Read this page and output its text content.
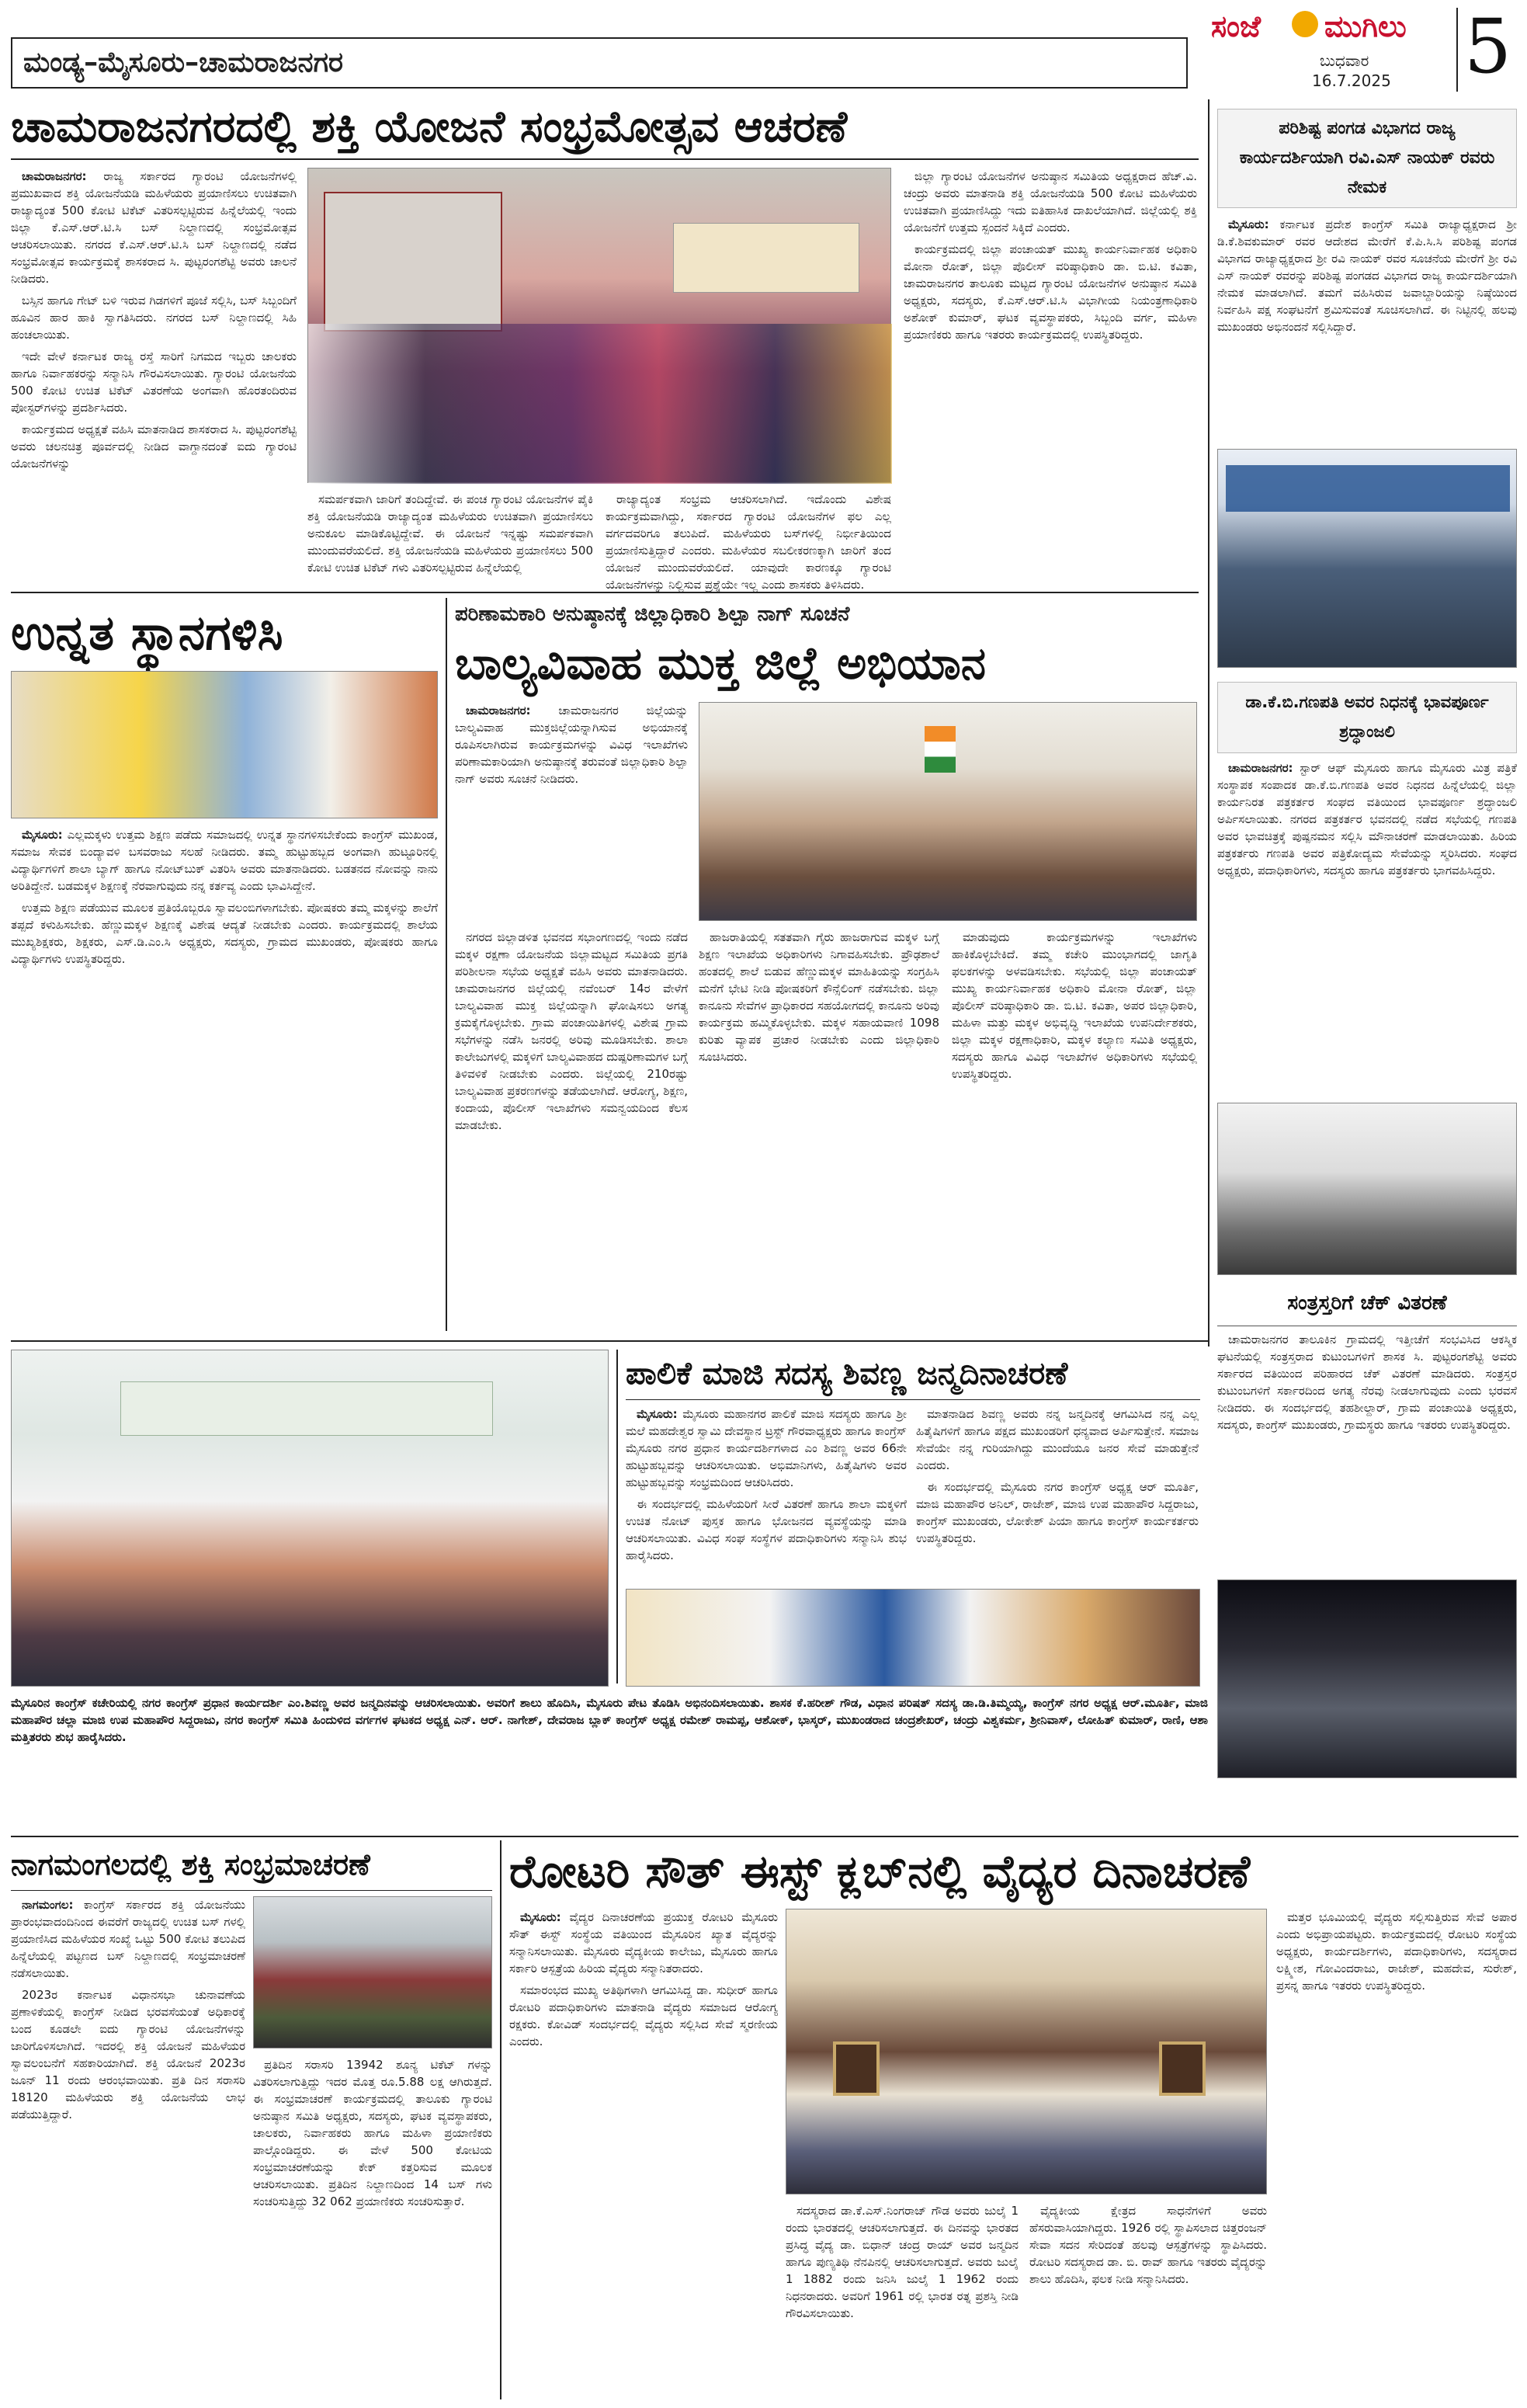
ಮಂಡ್ಯ–ಮೈಸೂರು–ಚಾಮರಾಜನಗರ
ಸಂಜೆ ಮುಗಿಲು
ಬುಧವಾರ
16.7.2025 5
ಚಾಮರಾಜನಗರದಲ್ಲಿ ಶಕ್ತಿ ಯೋಜನೆ ಸಂಭ್ರಮೋತ್ಸವ ಆಚರಣೆ

ಚಾಮರಾಜನಗರ: ರಾಜ್ಯ ಸರ್ಕಾರದ ಗ್ಯಾರಂಟಿ ಯೋಜನೆಗಳಲ್ಲಿ ಪ್ರಮುಖವಾದ ಶಕ್ತಿ ಯೋಜನೆಯಡಿ ಮಹಿಳೆಯರು ಪ್ರಯಾಣಿಸಲು ಉಚಿತವಾಗಿ ರಾಜ್ಯಾದ್ಯಂತ 500 ಕೋಟಿ ಟಿಕೆಟ್ ವಿತರಿಸಲ್ಪಟ್ಟಿರುವ ಹಿನ್ನೆಲೆಯಲ್ಲಿ ಇಂದು ಜಿಲ್ಲಾ ಕೆ.ಎಸ್.ಆರ್.ಟಿ.ಸಿ ಬಸ್ ನಿಲ್ದಾಣದಲ್ಲಿ ಸಂಭ್ರಮೋತ್ಸವ ಆಚರಿಸಲಾಯಿತು. ನಗರದ ಕೆ.ಎಸ್.ಆರ್.ಟಿ.ಸಿ ಬಸ್ ನಿಲ್ದಾಣದಲ್ಲಿ ನಡೆದ ಸಂಭ್ರಮೋತ್ಸವ ಕಾರ್ಯಕ್ರಮಕ್ಕೆ ಶಾಸಕರಾದ ಸಿ. ಪುಟ್ಟರಂಗಶೆಟ್ಟಿ ಅವರು ಚಾಲನೆ ನೀಡಿದರು.

ಬಸ್ಸಿನ ಹಾಗೂ ಗೇಟ್ ಬಳಿ ಇರುವ ಗಿಡಗಳಿಗೆ ಪೂಜೆ ಸಲ್ಲಿಸಿ, ಬಸ್ ಸಿಬ್ಬಂದಿಗೆ ಹೂವಿನ ಹಾರ ಹಾಕಿ ಸ್ವಾಗತಿಸಿದರು. ನಗರದ ಬಸ್ ನಿಲ್ದಾಣದಲ್ಲಿ ಸಿಹಿ ಹಂಚಲಾಯಿತು.

ಇದೇ ವೇಳೆ ಕರ್ನಾಟಕ ರಾಜ್ಯ ರಸ್ತೆ ಸಾರಿಗೆ ನಿಗಮದ ಇಬ್ಬರು ಚಾಲಕರು ಹಾಗೂ ನಿರ್ವಾಹಕರನ್ನು ಸನ್ಮಾನಿಸಿ ಗೌರವಿಸಲಾಯಿತು. ಗ್ಯಾರಂಟಿ ಯೋಜನೆಯ 500 ಕೋಟಿ ಉಚಿತ ಟಿಕೆಟ್ ವಿತರಣೆಯ ಅಂಗವಾಗಿ ಹೊರತಂದಿರುವ ಪೋಸ್ಟರ್‌ಗಳನ್ನು ಪ್ರದರ್ಶಿಸಿದರು.

ಕಾರ್ಯಕ್ರಮದ ಅಧ್ಯಕ್ಷತೆ ವಹಿಸಿ ಮಾತನಾಡಿದ ಶಾಸಕರಾದ ಸಿ. ಪುಟ್ಟರಂಗಶೆಟ್ಟಿ ಅವರು ಚಲನಚಿತ್ರ ಪೂರ್ವದಲ್ಲಿ ನೀಡಿದ ವಾಗ್ದಾನದಂತೆ ಐದು ಗ್ಯಾರಂಟಿ ಯೋಜನೆಗಳನ್ನು

ಸಮರ್ಪಕವಾಗಿ ಜಾರಿಗೆ ತಂದಿದ್ದೇವೆ. ಈ ಪಂಚ ಗ್ಯಾರಂಟಿ ಯೋಜನೆಗಳ ಪೈಕಿ ಶಕ್ತಿ ಯೋಜನೆಯಡಿ ರಾಜ್ಯಾದ್ಯಂತ ಮಹಿಳೆಯರು ಉಚಿತವಾಗಿ ಪ್ರಯಾಣಿಸಲು ಅನುಕೂಲ ಮಾಡಿಕೊಟ್ಟಿದ್ದೇವೆ. ಈ ಯೋಜನೆ ಇನ್ನಷ್ಟು ಸಮರ್ಪಕವಾಗಿ ಮುಂದುವರೆಯಲಿದೆ. ಶಕ್ತಿ ಯೋಜನೆಯಡಿ ಮಹಿಳೆಯರು ಪ್ರಯಾಣಿಸಲು 500 ಕೋಟಿ ಉಚಿತ ಟಿಕೆಟ್ ಗಳು ವಿತರಿಸಲ್ಪಟ್ಟಿರುವ ಹಿನ್ನೆಲೆಯಲ್ಲಿ

ರಾಜ್ಯಾದ್ಯಂತ ಸಂಭ್ರಮ ಆಚರಿಸಲಾಗಿದೆ. ಇದೊಂದು ವಿಶೇಷ ಕಾರ್ಯಕ್ರಮವಾಗಿದ್ದು, ಸರ್ಕಾರದ ಗ್ಯಾರಂಟಿ ಯೋಜನೆಗಳ ಫಲ ಎಲ್ಲ ವರ್ಗದವರಿಗೂ ತಲುಪಿದೆ. ಮಹಿಳೆಯರು ಬಸ್‌ಗಳಲ್ಲಿ ನಿರ್ಭೀತಿಯಿಂದ ಪ್ರಯಾಣಿಸುತ್ತಿದ್ದಾರೆ ಎಂದರು. ಮಹಿಳೆಯರ ಸಬಲೀಕರಣಕ್ಕಾಗಿ ಜಾರಿಗೆ ತಂದ ಯೋಜನೆ ಮುಂದುವರೆಯಲಿದೆ. ಯಾವುದೇ ಕಾರಣಕ್ಕೂ ಗ್ಯಾರಂಟಿ ಯೋಜನೆಗಳನ್ನು ನಿಲ್ಲಿಸುವ ಪ್ರಶ್ನೆಯೇ ಇಲ್ಲ ಎಂದು ಶಾಸಕರು ತಿಳಿಸಿದರು.

ಜಿಲ್ಲಾ ಗ್ಯಾರಂಟಿ ಯೋಜನೆಗಳ ಅನುಷ್ಠಾನ ಸಮಿತಿಯ ಅಧ್ಯಕ್ಷರಾದ ಹೆಚ್.ವಿ. ಚಂದ್ರು ಅವರು ಮಾತನಾಡಿ ಶಕ್ತಿ ಯೋಜನೆಯಡಿ 500 ಕೋಟಿ ಮಹಿಳೆಯರು ಉಚಿತವಾಗಿ ಪ್ರಯಾಣಿಸಿದ್ದು ಇದು ಐತಿಹಾಸಿಕ ದಾಖಲೆಯಾಗಿದೆ. ಜಿಲ್ಲೆಯಲ್ಲಿ ಶಕ್ತಿ ಯೋಜನೆಗೆ ಉತ್ತಮ ಸ್ಪಂದನೆ ಸಿಕ್ಕಿದೆ ಎಂದರು.

ಕಾರ್ಯಕ್ರಮದಲ್ಲಿ ಜಿಲ್ಲಾ ಪಂಚಾಯತ್ ಮುಖ್ಯ ಕಾರ್ಯನಿರ್ವಾಹಕ ಅಧಿಕಾರಿ ಮೋನಾ ರೋತ್, ಜಿಲ್ಲಾ ಪೊಲೀಸ್ ವರಿಷ್ಠಾಧಿಕಾರಿ ಡಾ. ಬಿ.ಟಿ. ಕವಿತಾ, ಚಾಮರಾಜನಗರ ತಾಲೂಕು ಮಟ್ಟದ ಗ್ಯಾರಂಟಿ ಯೋಜನೆಗಳ ಅನುಷ್ಠಾನ ಸಮಿತಿ ಅಧ್ಯಕ್ಷರು, ಸದಸ್ಯರು, ಕೆ.ಎಸ್.ಆರ್.ಟಿ.ಸಿ ವಿಭಾಗೀಯ ನಿಯಂತ್ರಣಾಧಿಕಾರಿ ಅಶೋಕ್ ಕುಮಾರ್, ಘಟಕ ವ್ಯವಸ್ಥಾಪಕರು, ಸಿಬ್ಬಂದಿ ವರ್ಗ, ಮಹಿಳಾ ಪ್ರಯಾಣಿಕರು ಹಾಗೂ ಇತರರು ಕಾರ್ಯಕ್ರಮದಲ್ಲಿ ಉಪಸ್ಥಿತರಿದ್ದರು.

ಪರಿಶಿಷ್ಟ ಪಂಗಡ ವಿಭಾಗದ ರಾಜ್ಯ ಕಾರ್ಯದರ್ಶಿಯಾಗಿ ರವಿ.ಎಸ್ ನಾಯಕ್ ರವರು ನೇಮಕ

ಮೈಸೂರು: ಕರ್ನಾಟಕ ಪ್ರದೇಶ ಕಾಂಗ್ರೆಸ್ ಸಮಿತಿ ರಾಜ್ಯಾಧ್ಯಕ್ಷರಾದ ಶ್ರೀ ಡಿ.ಕೆ.ಶಿವಕುಮಾರ್ ರವರ ಆದೇಶದ ಮೇರೆಗೆ ಕೆ.ಪಿ.ಸಿ.ಸಿ ಪರಿಶಿಷ್ಟ ಪಂಗಡ ವಿಭಾಗದ ರಾಜ್ಯಾಧ್ಯಕ್ಷರಾದ ಶ್ರೀ ರವಿ ನಾಯಕ್ ರವರ ಸೂಚನೆಯ ಮೇರೆಗೆ ಶ್ರೀ ರವಿ ಎಸ್ ನಾಯಕ್ ರವರನ್ನು ಪರಿಶಿಷ್ಟ ಪಂಗಡದ ವಿಭಾಗದ ರಾಜ್ಯ ಕಾರ್ಯದರ್ಶಿಯಾಗಿ ನೇಮಕ ಮಾಡಲಾಗಿದೆ. ತಮಗೆ ವಹಿಸಿರುವ ಜವಾಬ್ದಾರಿಯನ್ನು ನಿಷ್ಠೆಯಿಂದ ನಿರ್ವಹಿಸಿ ಪಕ್ಷ ಸಂಘಟನೆಗೆ ಶ್ರಮಿಸುವಂತೆ ಸೂಚಿಸಲಾಗಿದೆ. ಈ ನಿಟ್ಟಿನಲ್ಲಿ ಹಲವು ಮುಖಂಡರು ಅಭಿನಂದನೆ ಸಲ್ಲಿಸಿದ್ದಾರೆ.

ಡಾ.ಕೆ.ಬಿ.ಗಣಪತಿ ಅವರ ನಿಧನಕ್ಕೆ ಭಾವಪೂರ್ಣ ಶ್ರದ್ಧಾಂಜಲಿ

ಚಾಮರಾಜನಗರ: ಸ್ಟಾರ್ ಆಫ್ ಮೈಸೂರು ಹಾಗೂ ಮೈಸೂರು ಮಿತ್ರ ಪತ್ರಿಕೆ ಸಂಸ್ಥಾಪಕ ಸಂಪಾದಕ ಡಾ.ಕೆ.ಬಿ.ಗಣಪತಿ ಅವರ ನಿಧನದ ಹಿನ್ನೆಲೆಯಲ್ಲಿ ಜಿಲ್ಲಾ ಕಾರ್ಯನಿರತ ಪತ್ರಕರ್ತರ ಸಂಘದ ವತಿಯಿಂದ ಭಾವಪೂರ್ಣ ಶ್ರದ್ಧಾಂಜಲಿ ಅರ್ಪಿಸಲಾಯಿತು. ನಗರದ ಪತ್ರಕರ್ತರ ಭವನದಲ್ಲಿ ನಡೆದ ಸಭೆಯಲ್ಲಿ ಗಣಪತಿ ಅವರ ಭಾವಚಿತ್ರಕ್ಕೆ ಪುಷ್ಪನಮನ ಸಲ್ಲಿಸಿ ಮೌನಾಚರಣೆ ಮಾಡಲಾಯಿತು. ಹಿರಿಯ ಪತ್ರಕರ್ತರು ಗಣಪತಿ ಅವರ ಪತ್ರಿಕೋದ್ಯಮ ಸೇವೆಯನ್ನು ಸ್ಮರಿಸಿದರು. ಸಂಘದ ಅಧ್ಯಕ್ಷರು, ಪದಾಧಿಕಾರಿಗಳು, ಸದಸ್ಯರು ಹಾಗೂ ಪತ್ರಕರ್ತರು ಭಾಗವಹಿಸಿದ್ದರು.

ಸಂತ್ರಸ್ತರಿಗೆ ಚೆಕ್ ವಿತರಣೆ
ಉನ್ನತ ಸ್ಥಾನಗಳಿಸಿ

ಮೈಸೂರು: ಎಲ್ಲಮಕ್ಕಳು ಉತ್ತಮ ಶಿಕ್ಷಣ ಪಡೆದು ಸಮಾಜದಲ್ಲಿ ಉನ್ನತ ಸ್ಥಾನಗಳಿಸಬೇಕೆಂದು ಕಾಂಗ್ರೆಸ್ ಮುಖಂಡ, ಸಮಾಜ ಸೇವಕ ಬಿಂದ್ಯಾವಳಿ ಬಸವರಾಜು ಸಲಹೆ ನೀಡಿದರು. ತಮ್ಮ ಹುಟ್ಟುಹಬ್ಬದ ಅಂಗವಾಗಿ ಹುಟ್ಟೂರಿನಲ್ಲಿ ವಿದ್ಯಾರ್ಥಿಗಳಿಗೆ ಶಾಲಾ ಬ್ಯಾಗ್ ಹಾಗೂ ನೋಟ್‌ಬುಕ್ ವಿತರಿಸಿ ಅವರು ಮಾತನಾಡಿದರು. ಬಡತನದ ನೋವನ್ನು ನಾನು ಅರಿತಿದ್ದೇನೆ. ಬಡಮಕ್ಕಳ ಶಿಕ್ಷಣಕ್ಕೆ ನೆರವಾಗುವುದು ನನ್ನ ಕರ್ತವ್ಯ ಎಂದು ಭಾವಿಸಿದ್ದೇನೆ.

ಉತ್ತಮ ಶಿಕ್ಷಣ ಪಡೆಯುವ ಮೂಲಕ ಪ್ರತಿಯೊಬ್ಬರೂ ಸ್ವಾವಲಂಬಿಗಳಾಗಬೇಕು. ಪೋಷಕರು ತಮ್ಮ ಮಕ್ಕಳನ್ನು ಶಾಲೆಗೆ ತಪ್ಪದೆ ಕಳುಹಿಸಬೇಕು. ಹೆಣ್ಣುಮಕ್ಕಳ ಶಿಕ್ಷಣಕ್ಕೆ ವಿಶೇಷ ಆದ್ಯತೆ ನೀಡಬೇಕು ಎಂದರು. ಕಾರ್ಯಕ್ರಮದಲ್ಲಿ ಶಾಲೆಯ ಮುಖ್ಯಶಿಕ್ಷಕರು, ಶಿಕ್ಷಕರು, ಎಸ್.ಡಿ.ಎಂ.ಸಿ ಅಧ್ಯಕ್ಷರು, ಸದಸ್ಯರು, ಗ್ರಾಮದ ಮುಖಂಡರು, ಪೋಷಕರು ಹಾಗೂ ವಿದ್ಯಾರ್ಥಿಗಳು ಉಪಸ್ಥಿತರಿದ್ದರು.

ಪರಿಣಾಮಕಾರಿ ಅನುಷ್ಠಾನಕ್ಕೆ ಜಿಲ್ಲಾಧಿಕಾರಿ ಶಿಲ್ಪಾ ನಾಗ್ ಸೂಚನೆ
ಬಾಲ್ಯವಿವಾಹ ಮುಕ್ತ ಜಿಲ್ಲೆ ಅಭಿಯಾನ

ಚಾಮರಾಜನಗರ: ಚಾಮರಾಜನಗರ ಜಿಲ್ಲೆಯನ್ನು ಬಾಲ್ಯವಿವಾಹ ಮುಕ್ತಜಿಲ್ಲೆಯನ್ನಾಗಿಸುವ ಅಭಿಯಾನಕ್ಕೆ ರೂಪಿಸಲಾಗಿರುವ ಕಾರ್ಯಕ್ರಮಗಳನ್ನು ವಿವಿಧ ಇಲಾಖೆಗಳು ಪರಿಣಾಮಕಾರಿಯಾಗಿ ಅನುಷ್ಠಾನಕ್ಕೆ ತರುವಂತೆ ಜಿಲ್ಲಾಧಿಕಾರಿ ಶಿಲ್ಪಾ ನಾಗ್ ಅವರು ಸೂಚನೆ ನೀಡಿದರು.

ನಗರದ ಜಿಲ್ಲಾಡಳಿತ ಭವನದ ಸಭಾಂಗಣದಲ್ಲಿ ಇಂದು ನಡೆದ ಮಕ್ಕಳ ರಕ್ಷಣಾ ಯೋಜನೆಯ ಜಿಲ್ಲಾಮಟ್ಟದ ಸಮಿತಿಯ ಪ್ರಗತಿ ಪರಿಶೀಲನಾ ಸಭೆಯ ಅಧ್ಯಕ್ಷತೆ ವಹಿಸಿ ಅವರು ಮಾತನಾಡಿದರು. ಚಾಮರಾಜನಗರ ಜಿಲ್ಲೆಯಲ್ಲಿ ನವೆಂಬರ್ 14ರ ವೇಳೆಗೆ ಬಾಲ್ಯವಿವಾಹ ಮುಕ್ತ ಜಿಲ್ಲೆಯನ್ನಾಗಿ ಘೋಷಿಸಲು ಅಗತ್ಯ ಕ್ರಮಕೈಗೊಳ್ಳಬೇಕು. ಗ್ರಾಮ ಪಂಚಾಯಿತಿಗಳಲ್ಲಿ ವಿಶೇಷ ಗ್ರಾಮ ಸಭೆಗಳನ್ನು ನಡೆಸಿ ಜನರಲ್ಲಿ ಅರಿವು ಮೂಡಿಸಬೇಕು. ಶಾಲಾ ಕಾಲೇಜುಗಳಲ್ಲಿ ಮಕ್ಕಳಿಗೆ ಬಾಲ್ಯವಿವಾಹದ ದುಷ್ಪರಿಣಾಮಗಳ ಬಗ್ಗೆ ತಿಳಿವಳಿಕೆ ನೀಡಬೇಕು ಎಂದರು. ಜಿಲ್ಲೆಯಲ್ಲಿ 210ರಷ್ಟು ಬಾಲ್ಯವಿವಾಹ ಪ್ರಕರಣಗಳನ್ನು ತಡೆಯಲಾಗಿದೆ. ಆರೋಗ್ಯ, ಶಿಕ್ಷಣ, ಕಂದಾಯ, ಪೊಲೀಸ್ ಇಲಾಖೆಗಳು ಸಮನ್ವಯದಿಂದ ಕೆಲಸ ಮಾಡಬೇಕು.

ಹಾಜರಾತಿಯಲ್ಲಿ ಸತತವಾಗಿ ಗೈರು ಹಾಜರಾಗುವ ಮಕ್ಕಳ ಬಗ್ಗೆ ಶಿಕ್ಷಣ ಇಲಾಖೆಯ ಅಧಿಕಾರಿಗಳು ನಿಗಾವಹಿಸಬೇಕು. ಪ್ರೌಢಶಾಲೆ ಹಂತದಲ್ಲಿ ಶಾಲೆ ಬಿಡುವ ಹೆಣ್ಣುಮಕ್ಕಳ ಮಾಹಿತಿಯನ್ನು ಸಂಗ್ರಹಿಸಿ ಮನೆಗೆ ಭೇಟಿ ನೀಡಿ ಪೋಷಕರಿಗೆ ಕೌನ್ಸೆಲಿಂಗ್ ನಡೆಸಬೇಕು. ಜಿಲ್ಲಾ ಕಾನೂನು ಸೇವೆಗಳ ಪ್ರಾಧಿಕಾರದ ಸಹಯೋಗದಲ್ಲಿ ಕಾನೂನು ಅರಿವು ಕಾರ್ಯಕ್ರಮ ಹಮ್ಮಿಕೊಳ್ಳಬೇಕು. ಮಕ್ಕಳ ಸಹಾಯವಾಣಿ 1098 ಕುರಿತು ವ್ಯಾಪಕ ಪ್ರಚಾರ ನೀಡಬೇಕು ಎಂದು ಜಿಲ್ಲಾಧಿಕಾರಿ ಸೂಚಿಸಿದರು.

ಮಾಡುವುದು ಕಾರ್ಯಕ್ರಮಗಳನ್ನು ಇಲಾಖೆಗಳು ಹಾಕಿಕೊಳ್ಳಬೇಕಿದೆ. ತಮ್ಮ ಕಚೇರಿ ಮುಂಭಾಗದಲ್ಲಿ ಜಾಗೃತಿ ಫಲಕಗಳನ್ನು ಅಳವಡಿಸಬೇಕು. ಸಭೆಯಲ್ಲಿ ಜಿಲ್ಲಾ ಪಂಚಾಯತ್ ಮುಖ್ಯ ಕಾರ್ಯನಿರ್ವಾಹಕ ಅಧಿಕಾರಿ ಮೋನಾ ರೋತ್, ಜಿಲ್ಲಾ ಪೊಲೀಸ್ ವರಿಷ್ಠಾಧಿಕಾರಿ ಡಾ. ಬಿ.ಟಿ. ಕವಿತಾ, ಅಪರ ಜಿಲ್ಲಾಧಿಕಾರಿ, ಮಹಿಳಾ ಮತ್ತು ಮಕ್ಕಳ ಅಭಿವೃದ್ಧಿ ಇಲಾಖೆಯ ಉಪನಿರ್ದೇಶಕರು, ಜಿಲ್ಲಾ ಮಕ್ಕಳ ರಕ್ಷಣಾಧಿಕಾರಿ, ಮಕ್ಕಳ ಕಲ್ಯಾಣ ಸಮಿತಿ ಅಧ್ಯಕ್ಷರು, ಸದಸ್ಯರು ಹಾಗೂ ವಿವಿಧ ಇಲಾಖೆಗಳ ಅಧಿಕಾರಿಗಳು ಸಭೆಯಲ್ಲಿ ಉಪಸ್ಥಿತರಿದ್ದರು.

ಚಾಮರಾಜನಗರ ತಾಲೂಕಿನ ಗ್ರಾಮದಲ್ಲಿ ಇತ್ತೀಚೆಗೆ ಸಂಭವಿಸಿದ ಆಕಸ್ಮಿಕ ಘಟನೆಯಲ್ಲಿ ಸಂತ್ರಸ್ತರಾದ ಕುಟುಂಬಗಳಿಗೆ ಶಾಸಕ ಸಿ. ಪುಟ್ಟರಂಗಶೆಟ್ಟಿ ಅವರು ಸರ್ಕಾರದ ವತಿಯಿಂದ ಪರಿಹಾರದ ಚೆಕ್ ವಿತರಣೆ ಮಾಡಿದರು. ಸಂತ್ರಸ್ತರ ಕುಟುಂಬಗಳಿಗೆ ಸರ್ಕಾರದಿಂದ ಅಗತ್ಯ ನೆರವು ನೀಡಲಾಗುವುದು ಎಂದು ಭರವಸೆ ನೀಡಿದರು. ಈ ಸಂದರ್ಭದಲ್ಲಿ ತಹಶೀಲ್ದಾರ್, ಗ್ರಾಮ ಪಂಚಾಯಿತಿ ಅಧ್ಯಕ್ಷರು, ಸದಸ್ಯರು, ಕಾಂಗ್ರೆಸ್ ಮುಖಂಡರು, ಗ್ರಾಮಸ್ಥರು ಹಾಗೂ ಇತರರು ಉಪಸ್ಥಿತರಿದ್ದರು.

ಮೈಸೂರಿನ ಕಾಂಗ್ರೆಸ್ ಕಚೇರಿಯಲ್ಲಿ ನಗರ ಕಾಂಗ್ರೆಸ್ ಪ್ರಧಾನ ಕಾರ್ಯದರ್ಶಿ ಎಂ.ಶಿವಣ್ಣ ಅವರ ಜನ್ಮದಿನವನ್ನು ಆಚರಿಸಲಾಯಿತು. ಅವರಿಗೆ ಶಾಲು ಹೊದಿಸಿ, ಮೈಸೂರು ಪೇಟ ತೊಡಿಸಿ ಅಭಿನಂದಿಸಲಾಯಿತು. ಶಾಸಕ ಕೆ.ಹರೀಶ್ ಗೌಡ, ವಿಧಾನ ಪರಿಷತ್ ಸದಸ್ಯ ಡಾ.ಡಿ.ತಿಮ್ಮಯ್ಯ, ಕಾಂಗ್ರೆಸ್ ನಗರ ಅಧ್ಯಕ್ಷ ಆರ್.ಮೂರ್ತಿ, ಮಾಜಿ ಮಹಾಪೌರ ಚಲ್ಲಾ ಮಾಜಿ ಉಪ ಮಹಾಪೌರ ಸಿದ್ದರಾಜು, ನಗರ ಕಾಂಗ್ರೆಸ್ ಸಮಿತಿ ಹಿಂದುಳಿದ ವರ್ಗಗಳ ಘಟಕದ ಅಧ್ಯಕ್ಷ ಎನ್. ಆರ್. ನಾಗೇಶ್, ದೇವರಾಜ ಬ್ಲಾಕ್ ಕಾಂಗ್ರೆಸ್ ಅಧ್ಯಕ್ಷ ರಮೇಶ್ ರಾಮಪ್ಪ, ಆಶೋಕ್, ಭಾಸ್ಕರ್, ಮುಖಂಡರಾದ ಚಂದ್ರಶೇಖರ್, ಚಂದ್ರು ವಿಶ್ವಕರ್ಮ, ಶ್ರೀನಿವಾಸ್, ಲೋಹಿತ್ ಕುಮಾರ್, ರಾಣಿ, ಆಶಾ ಮತ್ತಿತರರು ಶುಭ ಹಾರೈಸಿದರು.
ಪಾಲಿಕೆ ಮಾಜಿ ಸದಸ್ಯ ಶಿವಣ್ಣ ಜನ್ಮದಿನಾಚರಣೆ

ಮೈಸೂರು: ಮೈಸೂರು ಮಹಾನಗರ ಪಾಲಿಕೆ ಮಾಜಿ ಸದಸ್ಯರು ಹಾಗೂ ಶ್ರೀ ಮಲೆ ಮಹದೇಶ್ವರ ಸ್ವಾಮಿ ದೇವಸ್ಥಾನ ಟ್ರಸ್ಟ್ ಗೌರವಾಧ್ಯಕ್ಷರು ಹಾಗೂ ಕಾಂಗ್ರೆಸ್ ಮೈಸೂರು ನಗರ ಪ್ರಧಾನ ಕಾರ್ಯದರ್ಶಿಗಳಾದ ಎಂ ಶಿವಣ್ಣ ಅವರ 66ನೇ ಹುಟ್ಟುಹಬ್ಬವನ್ನು ಆಚರಿಸಲಾಯಿತು. ಅಭಿಮಾನಿಗಳು, ಹಿತೈಷಿಗಳು ಅವರ ಹುಟ್ಟುಹಬ್ಬವನ್ನು ಸಂಭ್ರಮದಿಂದ ಆಚರಿಸಿದರು.

ಈ ಸಂದರ್ಭದಲ್ಲಿ ಮಹಿಳೆಯರಿಗೆ ಸೀರೆ ವಿತರಣೆ ಹಾಗೂ ಶಾಲಾ ಮಕ್ಕಳಿಗೆ ಉಚಿತ ನೋಟ್ ಪುಸ್ತಕ ಹಾಗೂ ಭೋಜನದ ವ್ಯವಸ್ಥೆಯನ್ನು ಮಾಡಿ ಆಚರಿಸಲಾಯಿತು. ವಿವಿಧ ಸಂಘ ಸಂಸ್ಥೆಗಳ ಪದಾಧಿಕಾರಿಗಳು ಸನ್ಮಾನಿಸಿ ಶುಭ ಹಾರೈಸಿದರು.

ಮಾತನಾಡಿದ ಶಿವಣ್ಣ ಅವರು ನನ್ನ ಜನ್ಮದಿನಕ್ಕೆ ಆಗಮಿಸಿದ ನನ್ನ ಎಲ್ಲ ಹಿತೈಷಿಗಳಿಗೆ ಹಾಗೂ ಪಕ್ಷದ ಮುಖಂಡರಿಗೆ ಧನ್ಯವಾದ ಅರ್ಪಿಸುತ್ತೇನೆ. ಸಮಾಜ ಸೇವೆಯೇ ನನ್ನ ಗುರಿಯಾಗಿದ್ದು ಮುಂದೆಯೂ ಜನರ ಸೇವೆ ಮಾಡುತ್ತೇನೆ ಎಂದರು.

ಈ ಸಂದರ್ಭದಲ್ಲಿ ಮೈಸೂರು ನಗರ ಕಾಂಗ್ರೆಸ್ ಅಧ್ಯಕ್ಷ ಆರ್ ಮೂರ್ತಿ, ಮಾಜಿ ಮಹಾಪೌರ ಅನಿಲ್, ರಾಜೇಶ್, ಮಾಜಿ ಉಪ ಮಹಾಪೌರ ಸಿದ್ದರಾಜು, ಕಾಂಗ್ರೆಸ್ ಮುಖಂಡರು, ಲೋಕೇಶ್ ಪಿಯಾ ಹಾಗೂ ಕಾಂಗ್ರೆಸ್ ಕಾರ್ಯಕರ್ತರು ಉಪಸ್ಥಿತರಿದ್ದರು.

ನಾಗಮಂಗಲದಲ್ಲಿ ಶಕ್ತಿ ಸಂಭ್ರಮಾಚರಣೆ

ನಾಗಮಂಗಲ: ಕಾಂಗ್ರೆಸ್ ಸರ್ಕಾರದ ಶಕ್ತಿ ಯೋಜನೆಯು ಪ್ರಾರಂಭವಾದಂದಿನಿಂದ ಈವರೆಗೆ ರಾಜ್ಯದಲ್ಲಿ ಉಚಿತ ಬಸ್ ಗಳಲ್ಲಿ ಪ್ರಯಾಣಿಸಿದ ಮಹಿಳೆಯರ ಸಂಖ್ಯೆ ಒಟ್ಟು 500 ಕೋಟಿ ತಲುಪಿದ ಹಿನ್ನೆಲೆಯಲ್ಲಿ ಪಟ್ಟಣದ ಬಸ್ ನಿಲ್ದಾಣದಲ್ಲಿ ಸಂಭ್ರಮಾಚರಣೆ ನಡೆಸಲಾಯಿತು.

2023ರ ಕರ್ನಾಟಕ ವಿಧಾನಸಭಾ ಚುನಾವಣೆಯ ಪ್ರಣಾಳಿಕೆಯಲ್ಲಿ ಕಾಂಗ್ರೆಸ್ ನೀಡಿದ ಭರವಸೆಯಂತೆ ಅಧಿಕಾರಕ್ಕೆ ಬಂದ ಕೂಡಲೇ ಐದು ಗ್ಯಾರಂಟಿ ಯೋಜನೆಗಳನ್ನು ಜಾರಿಗೊಳಿಸಲಾಗಿದೆ. ಇದರಲ್ಲಿ ಶಕ್ತಿ ಯೋಜನೆ ಮಹಿಳೆಯರ ಸ್ವಾವಲಂಬನೆಗೆ ಸಹಕಾರಿಯಾಗಿದೆ. ಶಕ್ತಿ ಯೋಜನೆ 2023ರ ಜೂನ್ 11 ರಂದು ಆರಂಭವಾಯಿತು. ಪ್ರತಿ ದಿನ ಸರಾಸರಿ 18120 ಮಹಿಳೆಯರು ಶಕ್ತಿ ಯೋಜನೆಯ ಲಾಭ ಪಡೆಯುತ್ತಿದ್ದಾರೆ.

ಪ್ರತಿದಿನ ಸರಾಸರಿ 13942 ಶೂನ್ಯ ಟಿಕೆಟ್ ಗಳನ್ನು ವಿತರಿಸಲಾಗುತ್ತಿದ್ದು ಇದರ ಮೊತ್ತ ರೂ.5.88 ಲಕ್ಷ ಆಗಿರುತ್ತದೆ. ಈ ಸಂಭ್ರಮಾಚರಣೆ ಕಾರ್ಯಕ್ರಮದಲ್ಲಿ ತಾಲೂಕು ಗ್ಯಾರಂಟಿ ಅನುಷ್ಠಾನ ಸಮಿತಿ ಅಧ್ಯಕ್ಷರು, ಸದಸ್ಯರು, ಘಟಕ ವ್ಯವಸ್ಥಾಪಕರು, ಚಾಲಕರು, ನಿರ್ವಾಹಕರು ಹಾಗೂ ಮಹಿಳಾ ಪ್ರಯಾಣಿಕರು ಪಾಲ್ಗೊಂಡಿದ್ದರು. ಈ ವೇಳೆ 500 ಕೋಟಿಯ ಸಂಭ್ರಮಾಚರಣೆಯನ್ನು ಕೇಕ್ ಕತ್ತರಿಸುವ ಮೂಲಕ ಆಚರಿಸಲಾಯಿತು. ಪ್ರತಿದಿನ ನಿಲ್ದಾಣದಿಂದ 14 ಬಸ್ ಗಳು ಸಂಚರಿಸುತ್ತಿದ್ದು 32 062 ಪ್ರಯಾಣಿಕರು ಸಂಚರಿಸುತ್ತಾರೆ.

ರೋಟರಿ ಸೌತ್ ಈಸ್ಟ್ ಕ್ಲಬ್‌ನಲ್ಲಿ ವೈದ್ಯರ ದಿನಾಚರಣೆ

ಮೈಸೂರು: ವೈದ್ಯರ ದಿನಾಚರಣೆಯ ಪ್ರಯುಕ್ತ ರೋಟರಿ ಮೈಸೂರು ಸೌತ್ ಈಸ್ಟ್ ಸಂಸ್ಥೆಯ ವತಿಯಿಂದ ಮೈಸೂರಿನ ಖ್ಯಾತ ವೈದ್ಯರನ್ನು ಸನ್ಮಾನಿಸಲಾಯಿತು. ಮೈಸೂರು ವೈದ್ಯಕೀಯ ಕಾಲೇಜು, ಮೈಸೂರು ಹಾಗೂ ಸರ್ಕಾರಿ ಆಸ್ಪತ್ರೆಯ ಹಿರಿಯ ವೈದ್ಯರು ಸನ್ಮಾನಿತರಾದರು.

ಸಮಾರಂಭದ ಮುಖ್ಯ ಅತಿಥಿಗಳಾಗಿ ಆಗಮಿಸಿದ್ದ ಡಾ. ಸುಧೀರ್ ಹಾಗೂ ರೋಟರಿ ಪದಾಧಿಕಾರಿಗಳು ಮಾತನಾಡಿ ವೈದ್ಯರು ಸಮಾಜದ ಆರೋಗ್ಯ ರಕ್ಷಕರು. ಕೋವಿಡ್ ಸಂದರ್ಭದಲ್ಲಿ ವೈದ್ಯರು ಸಲ್ಲಿಸಿದ ಸೇವೆ ಸ್ಮರಣೀಯ ಎಂದರು.

ಸದಸ್ಯರಾದ ಡಾ.ಕೆ.ಎಸ್.ನಿಂಗರಾಜ್ ಗೌಡ ಅವರು ಜುಲೈ 1 ರಂದು ಭಾರತದಲ್ಲಿ ಆಚರಿಸಲಾಗುತ್ತದೆ. ಈ ದಿನವನ್ನು ಭಾರತದ ಪ್ರಸಿದ್ಧ ವೈದ್ಯ ಡಾ. ಬಿಧಾನ್ ಚಂದ್ರ ರಾಯ್ ಅವರ ಜನ್ಮದಿನ ಹಾಗೂ ಪುಣ್ಯತಿಥಿ ನೆನಪಿನಲ್ಲಿ ಆಚರಿಸಲಾಗುತ್ತದೆ. ಅವರು ಜುಲೈ 1 1882 ರಂದು ಜನಿಸಿ ಜುಲೈ 1 1962 ರಂದು ನಿಧನರಾದರು. ಅವರಿಗೆ 1961 ರಲ್ಲಿ ಭಾರತ ರತ್ನ ಪ್ರಶಸ್ತಿ ನೀಡಿ ಗೌರವಿಸಲಾಯಿತು.

ವೈದ್ಯಕೀಯ ಕ್ಷೇತ್ರದ ಸಾಧನೆಗಳಿಗೆ ಅವರು ಹೆಸರುವಾಸಿಯಾಗಿದ್ದರು. 1926 ರಲ್ಲಿ ಸ್ಥಾಪಿಸಲಾದ ಚಿತ್ತರಂಜನ್ ಸೇವಾ ಸದನ ಸೇರಿದಂತೆ ಹಲವು ಆಸ್ಪತ್ರೆಗಳನ್ನು ಸ್ಥಾಪಿಸಿದರು. ರೋಟರಿ ಸದಸ್ಯರಾದ ಡಾ. ಬಿ. ರಾವ್ ಹಾಗೂ ಇತರರು ವೈದ್ಯರನ್ನು ಶಾಲು ಹೊದಿಸಿ, ಫಲಕ ನೀಡಿ ಸನ್ಮಾನಿಸಿದರು.

ಮತ್ತರ ಭೂಮಿಯಲ್ಲಿ ವೈದ್ಯರು ಸಲ್ಲಿಸುತ್ತಿರುವ ಸೇವೆ ಅಪಾರ ಎಂದು ಅಭಿಪ್ರಾಯಪಟ್ಟರು. ಕಾರ್ಯಕ್ರಮದಲ್ಲಿ ರೋಟರಿ ಸಂಸ್ಥೆಯ ಅಧ್ಯಕ್ಷರು, ಕಾರ್ಯದರ್ಶಿಗಳು, ಪದಾಧಿಕಾರಿಗಳು, ಸದಸ್ಯರಾದ ಲಕ್ಷ್ಮೀಶ, ಗೋವಿಂದರಾಜು, ರಾಜೇಶ್, ಮಹದೇವ, ಸುರೇಶ್, ಪ್ರಸನ್ನ ಹಾಗೂ ಇತರರು ಉಪಸ್ಥಿತರಿದ್ದರು.
